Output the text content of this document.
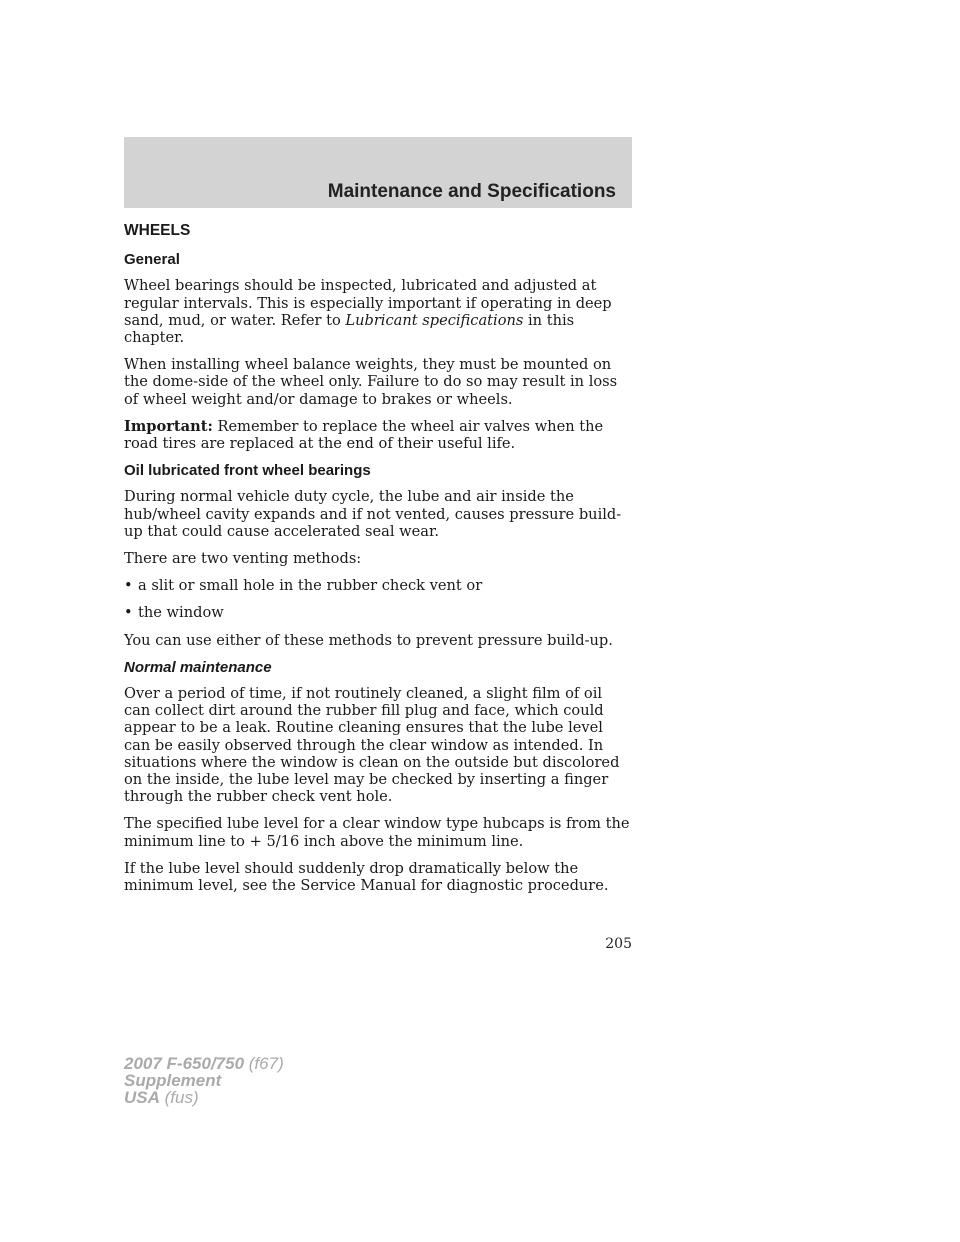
Maintenance and Specifications
WHEELS
General

Wheel bearings should be inspected, lubricated and adjusted at regular intervals. This is especially important if operating in deep sand, mud, or water. Refer to Lubricant specifications in this chapter.

When installing wheel balance weights, they must be mounted on the dome-side of the wheel only. Failure to do so may result in loss of wheel weight and/or damage to brakes or wheels.

Important: Remember to replace the wheel air valves when the road tires are replaced at the end of their useful life.

Oil lubricated front wheel bearings

During normal vehicle duty cycle, the lube and air inside the hub/wheel cavity expands and if not vented, causes pressure build-up that could cause accelerated seal wear.

There are two venting methods:

• a slit or small hole in the rubber check vent or
• the window

You can use either of these methods to prevent pressure build-up.

Normal maintenance

Over a period of time, if not routinely cleaned, a slight film of oil can collect dirt around the rubber fill plug and face, which could appear to be a leak. Routine cleaning ensures that the lube level can be easily observed through the clear window as intended. In situations where the window is clean on the outside but discolored on the inside, the lube level may be checked by inserting a finger through the rubber check vent hole.

The specified lube level for a clear window type hubcaps is from the minimum line to + 5/16 inch above the minimum line.

If the lube level should suddenly drop dramatically below the minimum level, see the Service Manual for diagnostic procedure.

205
2007 F-650/750 (f67)
Supplement
USA (fus)
